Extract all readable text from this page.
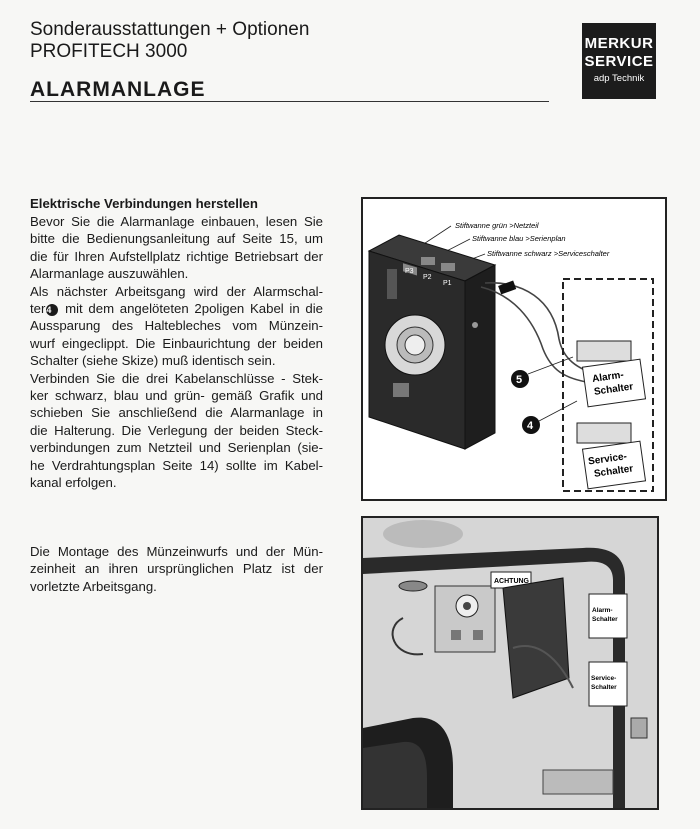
Sonderausstattungen + Optionen
PROFITECH 3000
ALARMANLAGE
MERKUR
SERVICE
adp Technik
Elektrische Verbindungen herstellen
Bevor Sie die Alarmanlage einbauen, lesen Sie
bitte die Bedienungsanleitung auf Seite 15, um
die für Ihren Aufstellplatz richtige Betriebsart der
Alarmanlage auszuwählen.
Als nächster Arbeitsgang wird der Alarmschal-
ter4 mit dem angelöteten 2poligen Kabel in die
Aussparung des Haltebleches vom Münzein-
wurf eingeclippt. Die Einbaurichtung der beiden
Schalter (siehe Skize) muß identisch sein.
Verbinden Sie die drei Kabelanschlüsse - Stek-
ker schwarz, blau und grün- gemäß Grafik und
schieben Sie anschließend die Alarmanlage in
die Halterung. Die Verlegung der beiden Steck-
verbindungen zum Netzteil und Serienplan (sie-
he Verdrahtungsplan Seite 14) sollte im Kabel-
kanal erfolgen.
Die Montage des Münzeinwurfs und der Mün-
zeinheit an ihren ursprünglichen Platz ist der
vorletzte Arbeitsgang.
Stiftwanne grün >Netzteil
Stiftwanne blau >Serienplan
Stiftwanne schwarz >Serviceschalter
P3
P2
P1
Alarm-
Schalter
Service-
Schalter
5
4
ACHTUNG
Alarm-
Schalter
Service-
Schalter
